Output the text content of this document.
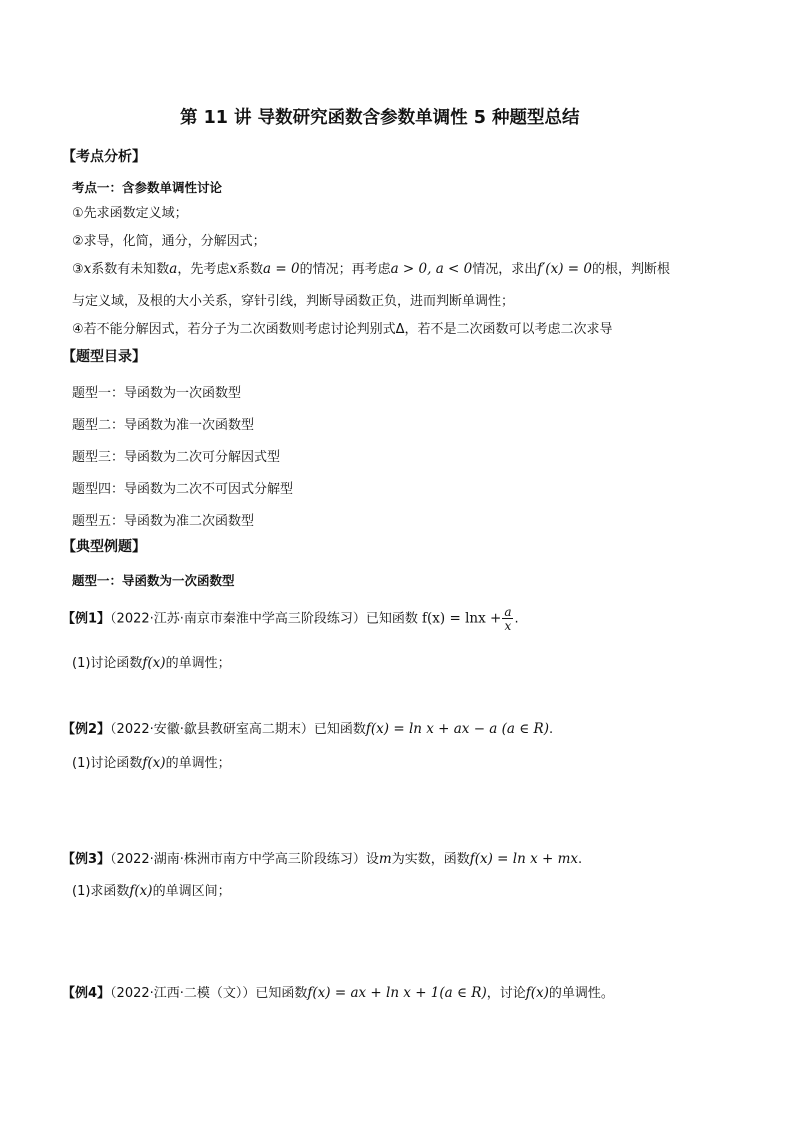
第 11 讲 导数研究函数含参数单调性 5 种题型总结
【考点分析】
考点一：含参数单调性讨论
①先求函数定义域；
②求导，化简，通分，分解因式；
③x系数有未知数a，先考虑x系数a = 0的情况；再考虑a > 0, a < 0情况，求出f′(x) = 0的根，判断根
与定义域，及根的大小关系，穿针引线，判断导函数正负，进而判断单调性；
④若不能分解因式，若分子为二次函数则考虑讨论判别式Δ，若不是二次函数可以考虑二次求导
【题型目录】
题型一：导函数为一次函数型
题型二：导函数为准一次函数型
题型三：导函数为二次可分解因式型
题型四：导函数为二次不可因式分解型
题型五：导函数为准二次函数型
【典型例题】
题型一：导函数为一次函数型
【例1】（2022·江苏·南京市秦淮中学高三阶段练习）已知函数 $f(x) = \ln x + \frac{a}{x}$ .
(1)讨论函数f(x)的单调性；
【例2】（2022·安徽·歙县教研室高二期末）已知函数f(x) = ln x + ax − a (a ∈ R).
(1)讨论函数f(x)的单调性；
【例3】（2022·湖南·株洲市南方中学高三阶段练习）设m为实数，函数f(x) = ln x + mx.
(1)求函数f(x)的单调区间；
【例4】（2022·江西·二模（文））已知函数f(x) = ax + ln x + 1(a ∈ R)，讨论f(x)的单调性。
